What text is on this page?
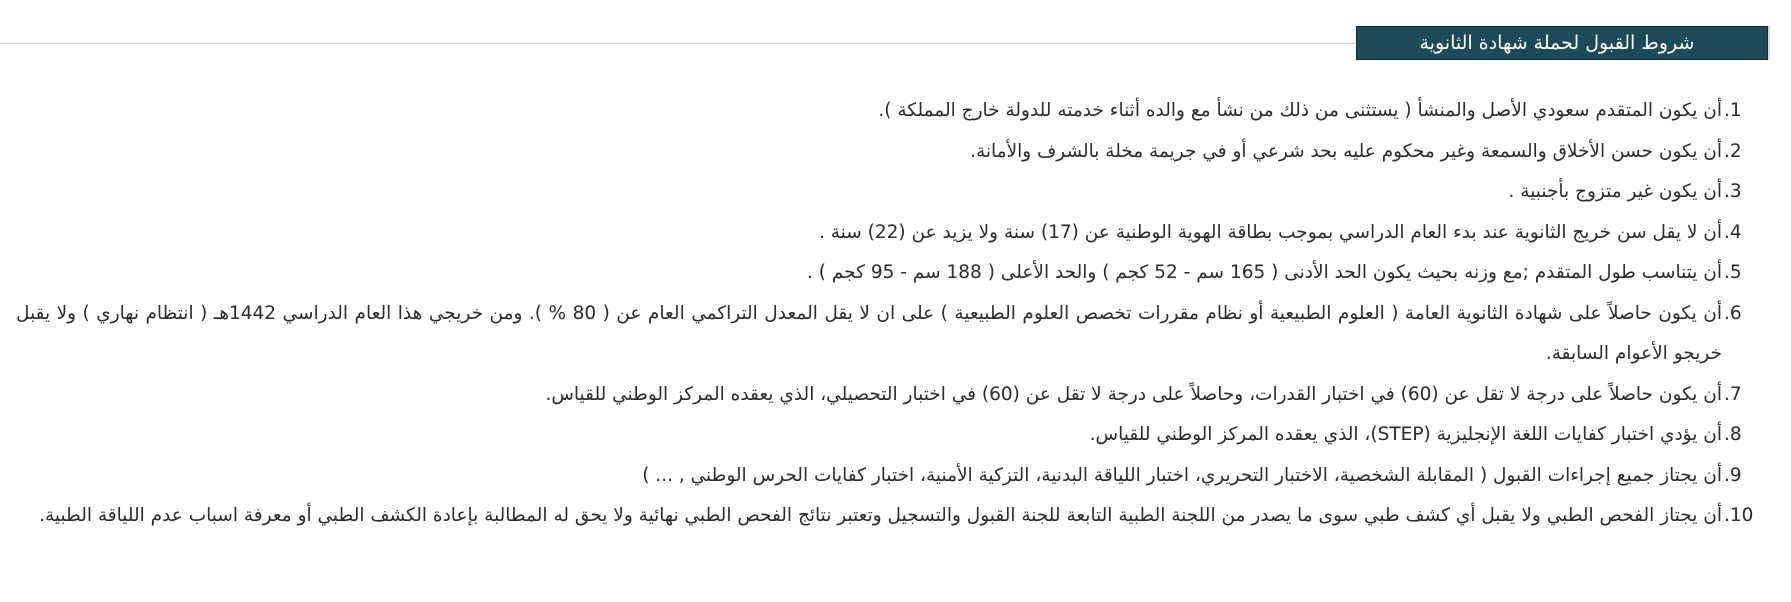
شروط القبول لحملة شهادة الثانوية
1.
أن يكون المتقدم سعودي الأصل والمنشأ ( يستثنى من ذلك من نشأ مع والده أثناء خدمته للدولة خارج المملكة ).
2.
أن يكون حسن الأخلاق والسمعة وغير محكوم عليه بحد شرعي أو في جريمة مخلة بالشرف والأمانة.
3.
أن يكون غير متزوج بأجنبية .
4.
أن لا يقل سن خريج الثانوية عند بدء العام الدراسي بموجب بطاقة الهوية الوطنية عن (17) سنة ولا يزيد عن (22) سنة .
5.
أن يتناسب طول المتقدم ;مع وزنه بحيث يكون الحد الأدنى ( 165 سم - 52 كجم ) والحد الأعلى ( 188 سم - 95 كجم ) .
6.
أن يكون حاصلاً على شهادة الثانوية العامة ( العلوم الطبيعية أو نظام مقررات تخصص العلوم الطبيعية ) على ان لا يقل المعدل التراكمي العام عن ( 80 % ). ومن خريجي هذا العام الدراسي 1442هـ ( انتظام نهاري ) ولا يقبل خريجو الأعوام السابقة.
7.
أن يكون حاصلاً على درجة لا تقل عن (60) في اختبار القدرات، وحاصلاً على درجة لا تقل عن (60) في اختبار التحصيلي، الذي يعقده المركز الوطني للقياس.
8.
أن يؤدي اختبار كفايات اللغة الإنجليزية (STEP)، الذي يعقده المركز الوطني للقياس.
9.
أن يجتاز جميع إجراءات القبول ( المقابلة الشخصية، الاختبار التحريري، اختبار اللياقة البدنية، التزكية الأمنية، اختبار كفايات الحرس الوطني , ... )
10.
أن يجتاز الفحص الطبي ولا يقبل أي كشف طبي سوى ما يصدر من اللجنة الطبية التابعة للجنة القبول والتسجيل وتعتبر نتائج الفحص الطبي نهائية ولا يحق له المطالبة بإعادة الكشف الطبي أو معرفة اسباب عدم اللياقة الطبية.
